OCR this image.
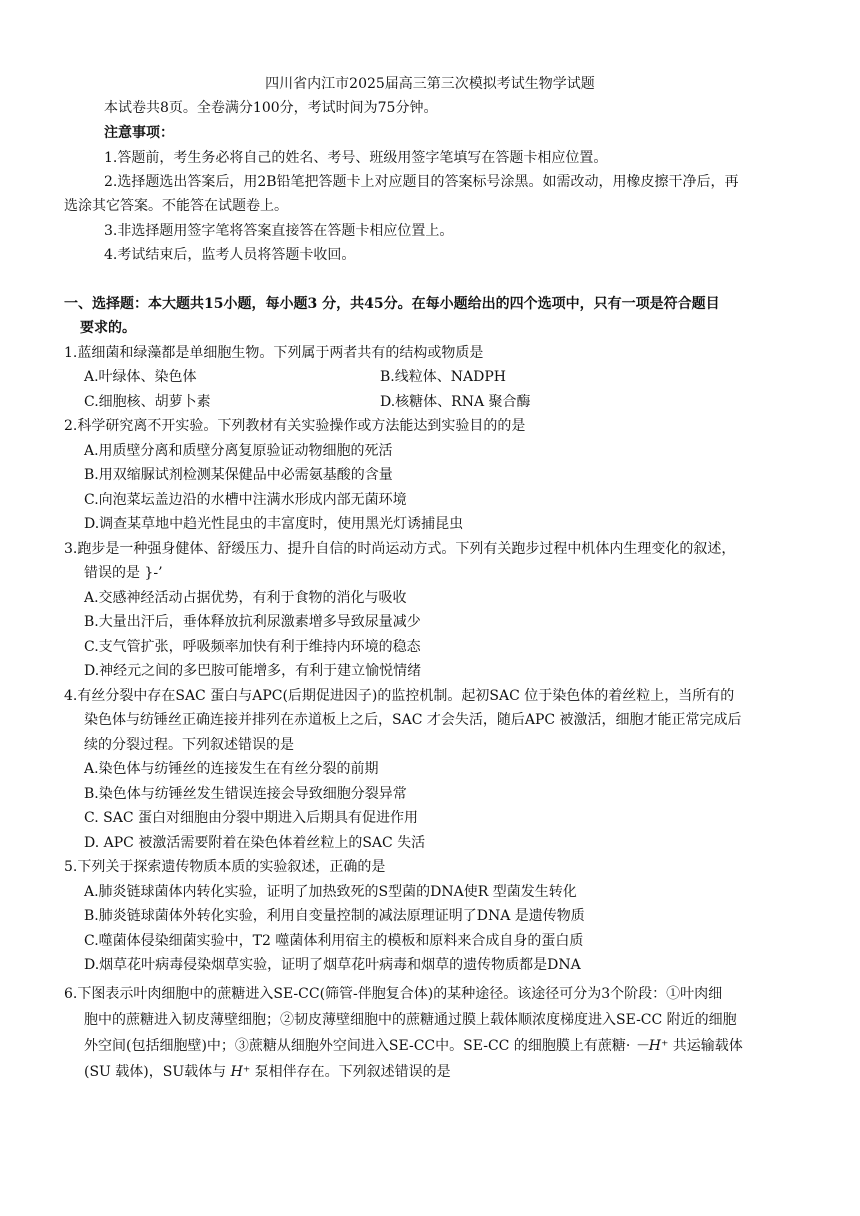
四川省内江市2025届高三第三次模拟考试生物学试题
本试卷共8页。全卷满分100分，考试时间为75分钟。
注意事项：
1.答题前，考生务必将自己的姓名、考号、班级用签字笔填写在答题卡相应位置。
2.选择题选出答案后，用2B铅笔把答题卡上对应题目的答案标号涂黑。如需改动，用橡皮擦干净后，再
选涂其它答案。不能答在试题卷上。
3.非选择题用签字笔将答案直接答在答题卡相应位置上。
4.考试结束后，监考人员将答题卡收回。
一、选择题：本大题共15小题，每小题3 分，共45分。在每小题给出的四个选项中，只有一项是符合题目
要求的。
1.蓝细菌和绿藻都是单细胞生物。下列属于两者共有的结构或物质是
A.叶绿体、染色体	B.线粒体、NADPH
C.细胞核、胡萝卜素	D.核糖体、RNA 聚合酶
2.科学研究离不开实验。下列教材有关实验操作或方法能达到实验目的的是
A.用质壁分离和质壁分离复原验证动物细胞的死活
B.用双缩脲试剂检测某保健品中必需氨基酸的含量
C.向泡菜坛盖边沿的水槽中注满水形成内部无菌环境
D.调查某草地中趋光性昆虫的丰富度时，使用黑光灯诱捕昆虫
3.跑步是一种强身健体、舒缓压力、提升自信的时尚运动方式。下列有关跑步过程中机体内生理变化的叙述，
错误的是 }-’
A.交感神经活动占据优势，有利于食物的消化与吸收
B.大量出汗后，垂体释放抗利尿激素增多导致尿量减少
C.支气管扩张，呼吸频率加快有利于维持内环境的稳态
D.神经元之间的多巴胺可能增多，有利于建立愉悦情绪
4.有丝分裂中存在SAC 蛋白与APC(后期促进因子)的监控机制。起初SAC 位于染色体的着丝粒上，当所有的
染色体与纺锤丝正确连接并排列在赤道板上之后，SAC 才会失活，随后APC 被激活，细胞才能正常完成后
续的分裂过程。下列叙述错误的是
A.染色体与纺锤丝的连接发生在有丝分裂的前期
B.染色体与纺锤丝发生错误连接会导致细胞分裂异常
C. SAC 蛋白对细胞由分裂中期进入后期具有促进作用
D. APC 被激活需要附着在染色体着丝粒上的SAC 失活
5.下列关于探索遗传物质本质的实验叙述，正确的是
A.肺炎链球菌体内转化实验，证明了加热致死的S型菌的DNA使R 型菌发生转化
B.肺炎链球菌体外转化实验，利用自变量控制的减法原理证明了DNA 是遗传物质
C.噬菌体侵染细菌实验中，T2 噬菌体利用宿主的模板和原料来合成自身的蛋白质
D.烟草花叶病毒侵染烟草实验，证明了烟草花叶病毒和烟草的遗传物质都是DNA
6.下图表示叶肉细胞中的蔗糖进入SE-CC(筛管-伴胞复合体)的某种途径。该途径可分为3个阶段：①叶肉细
胞中的蔗糖进入韧皮薄壁细胞；②韧皮薄壁细胞中的蔗糖通过膜上载体顺浓度梯度进入SE-CC 附近的细胞
外空间(包括细胞壁)中；③蔗糖从细胞外空间进入SE-CC中。SE-CC 的细胞膜上有蔗糖· －H⁺ 共运输载体
(SU 载体)，SU载体与 H⁺ 泵相伴存在。下列叙述错误的是
